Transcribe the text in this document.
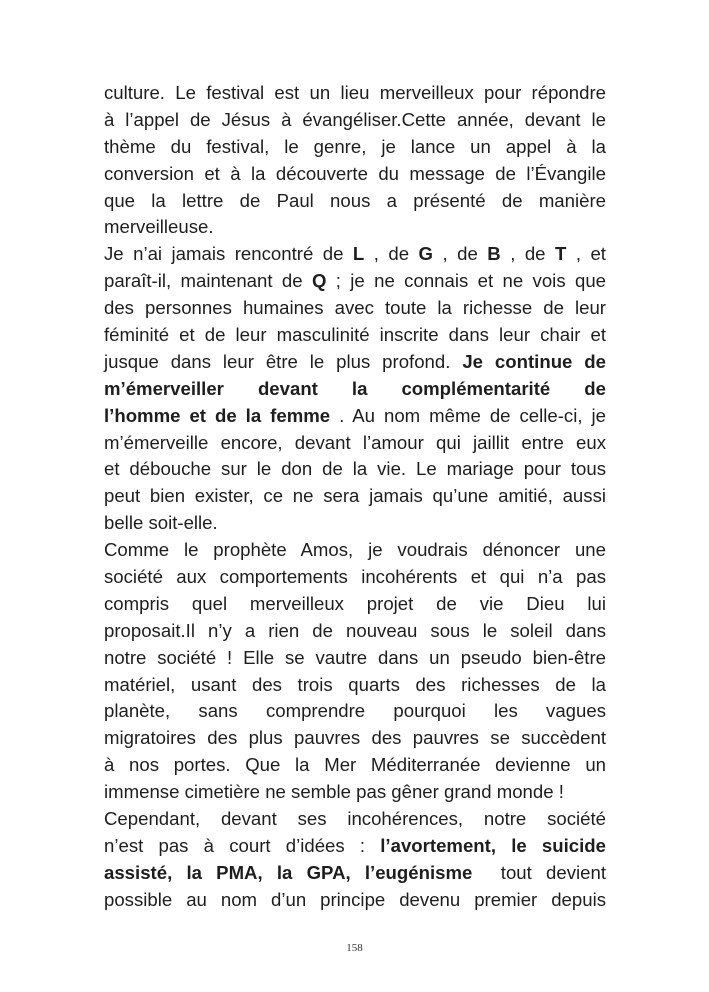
culture. Le festival est un lieu merveilleux pour répondre
à l’appel de Jésus à évangéliser.Cette année, devant le
thème du festival, le genre, je lance un appel à la
conversion et à la découverte du message de l’Évangile
que la lettre de Paul nous a présenté de manière
merveilleuse.
Je n’ai jamais rencontré de L , de G , de B , de T , et
paraît-il, maintenant de Q ; je ne connais et ne vois que
des personnes humaines avec toute la richesse de leur
féminité et de leur masculinité inscrite dans leur chair et
jusque dans leur être le plus profond. Je continue de
m’émerveiller devant la complémentarité de
l’homme et de la femme . Au nom même de celle-ci, je
m’émerveille encore, devant l’amour qui jaillit entre eux
et débouche sur le don de la vie. Le mariage pour tous
peut bien exister, ce ne sera jamais qu’une amitié, aussi
belle soit-elle.
Comme le prophète Amos, je voudrais dénoncer une
société aux comportements incohérents et qui n’a pas
compris quel merveilleux projet de vie Dieu lui
proposait.Il n’y a rien de nouveau sous le soleil dans
notre société ! Elle se vautre dans un pseudo bien-être
matériel, usant des trois quarts des richesses de la
planète, sans comprendre pourquoi les vagues
migratoires des plus pauvres des pauvres se succèdent
à nos portes. Que la Mer Méditerranée devienne un
immense cimetière ne semble pas gêner grand monde !
Cependant, devant ses incohérences, notre société
n’est pas à court d’idées : l’avortement, le suicide
assisté, la PMA, la GPA, l’eugénisme  tout devient
possible au nom d’un principe devenu premier depuis
158
